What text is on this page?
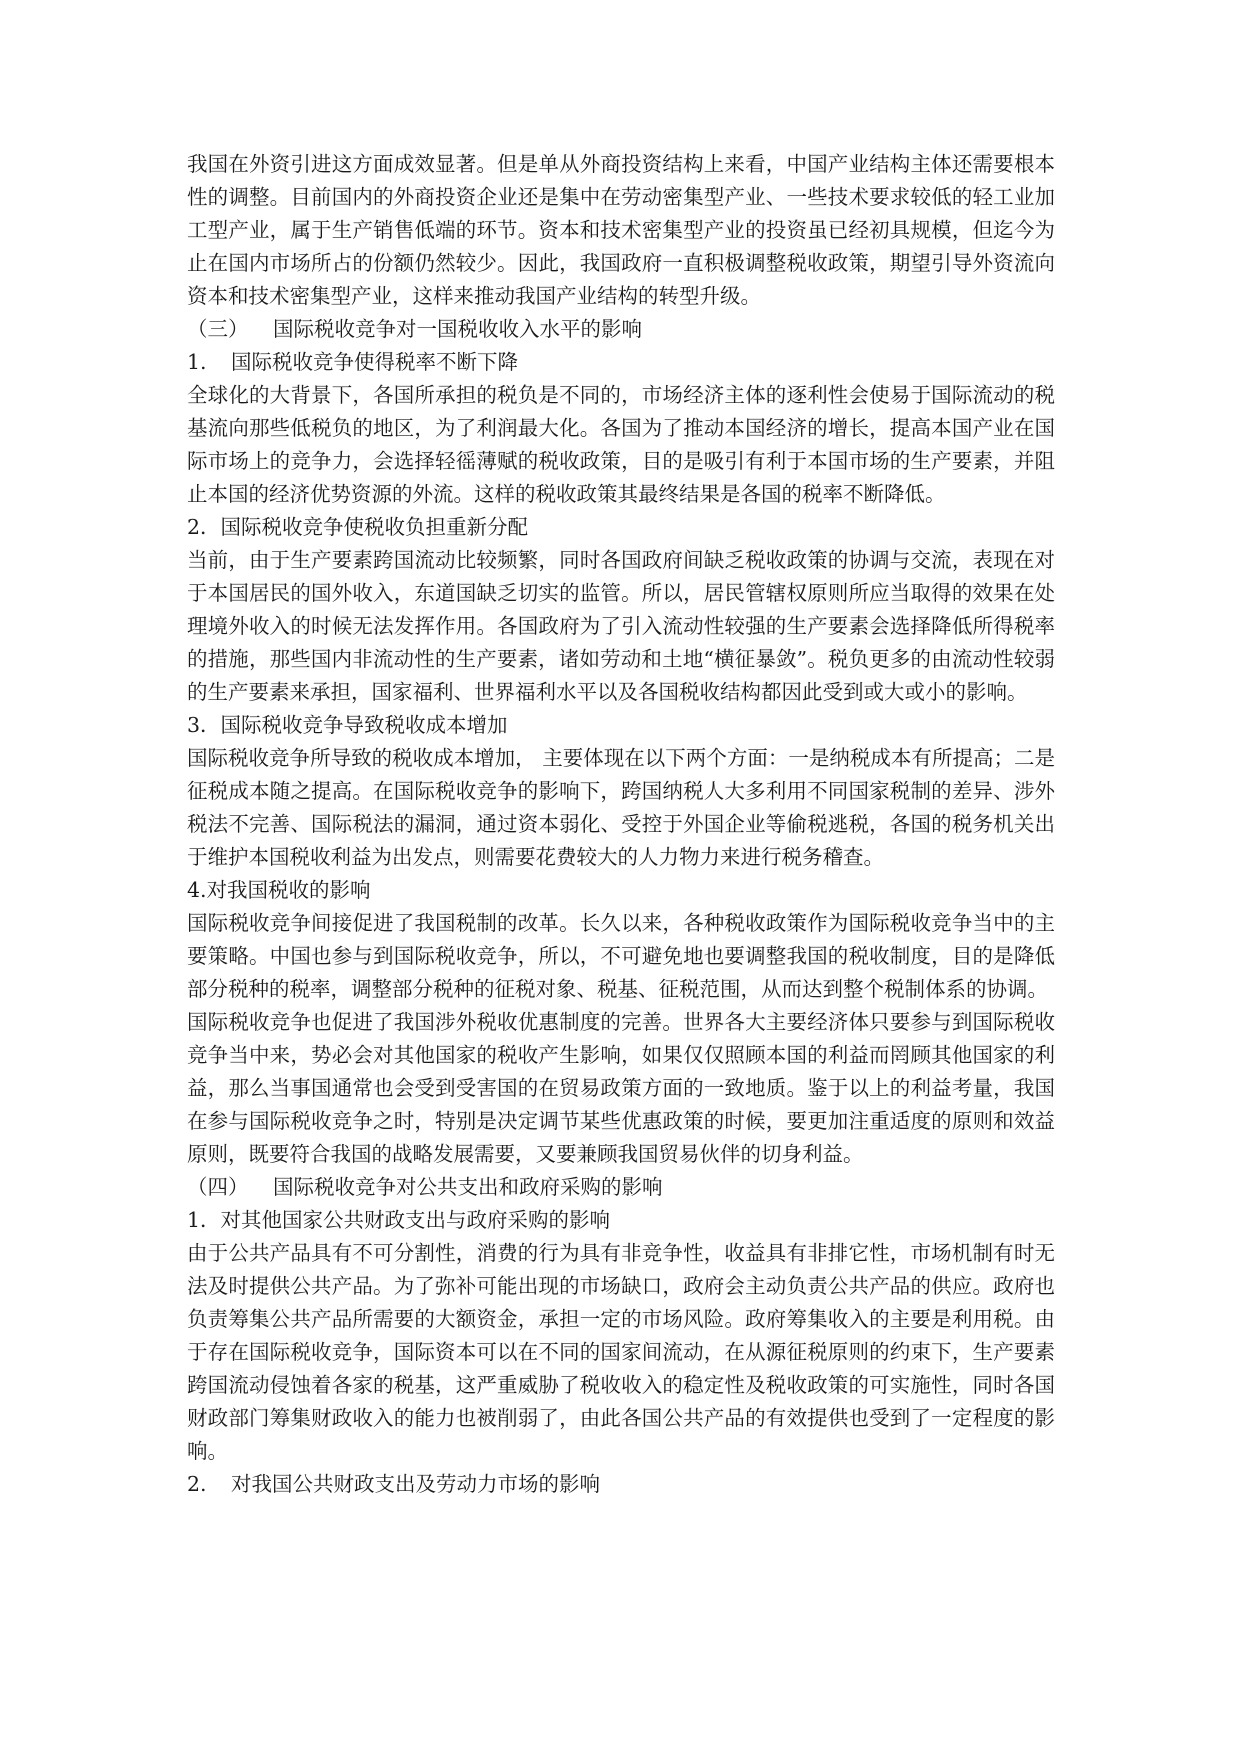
我国在外资引进这方面成效显著。但是单从外商投资结构上来看，中国产业结构主体还需要根本性的调整。目前国内的外商投资企业还是集中在劳动密集型产业、一些技术要求较低的轻工业加工型产业，属于生产销售低端的环节。资本和技术密集型产业的投资虽已经初具规模，但迄今为止在国内市场所占的份额仍然较少。因此，我国政府一直积极调整税收政策，期望引导外资流向资本和技术密集型产业，这样来推动我国产业结构的转型升级。

（三） 国际税收竞争对一国税收收入水平的影响

1. 国际税收竞争使得税率不断下降

全球化的大背景下，各国所承担的税负是不同的，市场经济主体的逐利性会使易于国际流动的税基流向那些低税负的地区，为了利润最大化。各国为了推动本国经济的增长，提高本国产业在国际市场上的竞争力，会选择轻徭薄赋的税收政策，目的是吸引有利于本国市场的生产要素，并阻止本国的经济优势资源的外流。这样的税收政策其最终结果是各国的税率不断降低。

2．国际税收竞争使税收负担重新分配

当前，由于生产要素跨国流动比较频繁，同时各国政府间缺乏税收政策的协调与交流，表现在对于本国居民的国外收入，东道国缺乏切实的监管。所以，居民管辖权原则所应当取得的效果在处理境外收入的时候无法发挥作用。各国政府为了引入流动性较强的生产要素会选择降低所得税率的措施，那些国内非流动性的生产要素，诸如劳动和土地“横征暴敛”。税负更多的由流动性较弱的生产要素来承担，国家福利、世界福利水平以及各国税收结构都因此受到或大或小的影响。

3．国际税收竞争导致税收成本增加

国际税收竞争所导致的税收成本增加， 主要体现在以下两个方面：一是纳税成本有所提高；二是征税成本随之提高。在国际税收竞争的影响下，跨国纳税人大多利用不同国家税制的差异、涉外税法不完善、国际税法的漏洞，通过资本弱化、受控于外国企业等偷税逃税，各国的税务机关出于维护本国税收利益为出发点，则需要花费较大的人力物力来进行税务稽查。

4.对我国税收的影响

国际税收竞争间接促进了我国税制的改革。长久以来，各种税收政策作为国际税收竞争当中的主要策略。中国也参与到国际税收竞争，所以，不可避免地也要调整我国的税收制度，目的是降低部分税种的税率，调整部分税种的征税对象、税基、征税范围，从而达到整个税制体系的协调。

国际税收竞争也促进了我国涉外税收优惠制度的完善。世界各大主要经济体只要参与到国际税收竞争当中来，势必会对其他国家的税收产生影响，如果仅仅照顾本国的利益而罔顾其他国家的利益，那么当事国通常也会受到受害国的在贸易政策方面的一致地质。鉴于以上的利益考量，我国在参与国际税收竞争之时，特别是决定调节某些优惠政策的时候，要更加注重适度的原则和效益原则，既要符合我国的战略发展需要，又要兼顾我国贸易伙伴的切身利益。

（四） 国际税收竞争对公共支出和政府采购的影响

1．对其他国家公共财政支出与政府采购的影响

由于公共产品具有不可分割性，消费的行为具有非竞争性，收益具有非排它性，市场机制有时无法及时提供公共产品。为了弥补可能出现的市场缺口，政府会主动负责公共产品的供应。政府也负责筹集公共产品所需要的大额资金，承担一定的市场风险。政府筹集收入的主要是利用税。由于存在国际税收竞争，国际资本可以在不同的国家间流动，在从源征税原则的约束下，生产要素跨国流动侵蚀着各家的税基，这严重威胁了税收收入的稳定性及税收政策的可实施性，同时各国财政部门筹集财政收入的能力也被削弱了，由此各国公共产品的有效提供也受到了一定程度的影响。

2. 对我国公共财政支出及劳动力市场的影响
